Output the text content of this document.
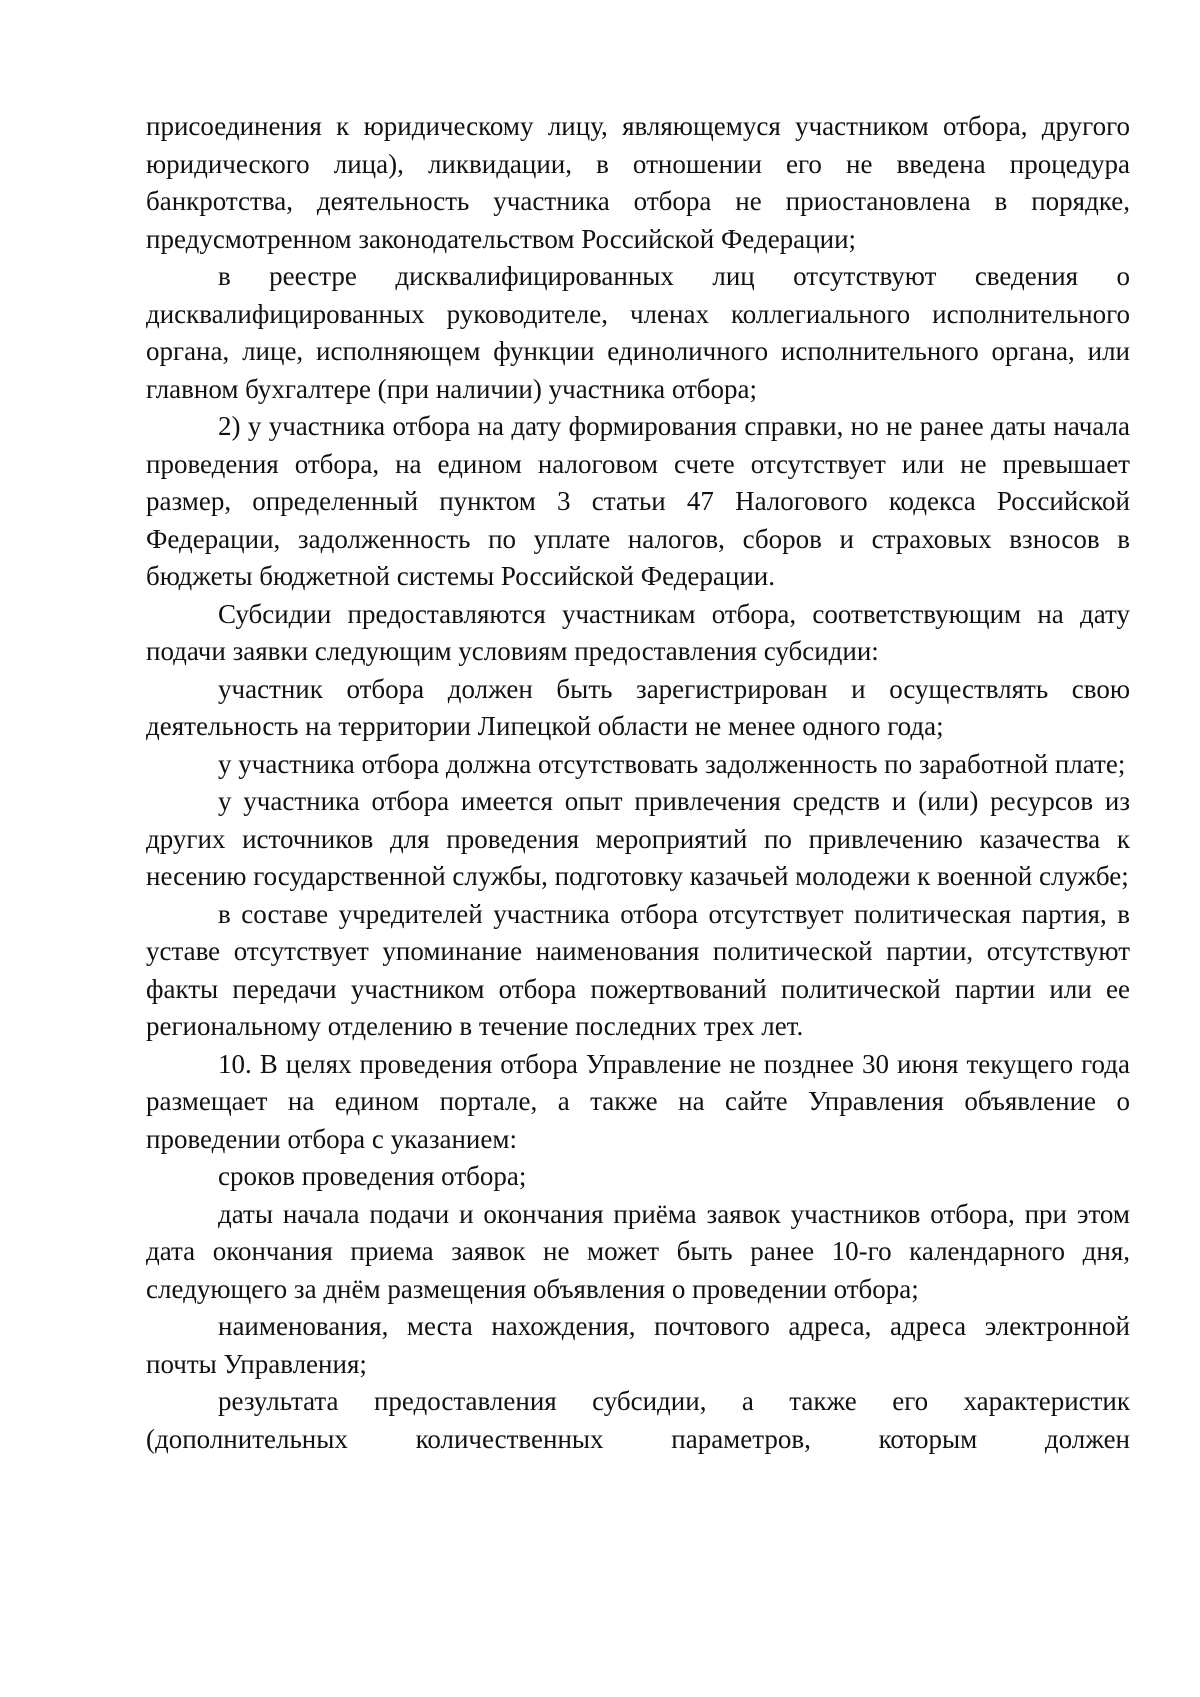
присоединения к юридическому лицу, являющемуся участником отбора, другого юридического лица), ликвидации, в отношении его не введена процедура банкротства, деятельность участника отбора не приостановлена в порядке, предусмотренном законодательством Российской Федерации;

в реестре дисквалифицированных лиц отсутствуют сведения о дисквалифицированных руководителе, членах коллегиального исполнительного органа, лице, исполняющем функции единоличного исполнительного органа, или главном бухгалтере (при наличии) участника отбора;

2) у участника отбора на дату формирования справки, но не ранее даты начала проведения отбора, на едином налоговом счете отсутствует или не превышает размер, определенный пунктом 3 статьи 47 Налогового кодекса Российской Федерации, задолженность по уплате налогов, сборов и страховых взносов в бюджеты бюджетной системы Российской Федерации.

Субсидии предоставляются участникам отбора, соответствующим на дату подачи заявки следующим условиям предоставления субсидии:

участник отбора должен быть зарегистрирован и осуществлять свою деятельность на территории Липецкой области не менее одного года;

у участника отбора должна отсутствовать задолженность по заработной плате;

у участника отбора имеется опыт привлечения средств и (или) ресурсов из других источников для проведения мероприятий по привлечению казачества к несению государственной службы, подготовку казачьей молодежи к военной службе;

в составе учредителей участника отбора отсутствует политическая партия, в уставе отсутствует упоминание наименования политической партии, отсутствуют факты передачи участником отбора пожертвований политической партии или ее региональному отделению в течение последних трех лет.

10. В целях проведения отбора Управление не позднее 30 июня текущего года размещает на едином портале, а также на сайте Управления объявление о проведении отбора с указанием:

сроков проведения отбора;

даты начала подачи и окончания приёма заявок участников отбора, при этом дата окончания приема заявок не может быть ранее 10-го календарного дня, следующего за днём размещения объявления о проведении отбора;

наименования, места нахождения, почтового адреса, адреса электронной почты Управления;

результата предоставления субсидии, а также его характеристик (дополнительных количественных параметров, которым должен
